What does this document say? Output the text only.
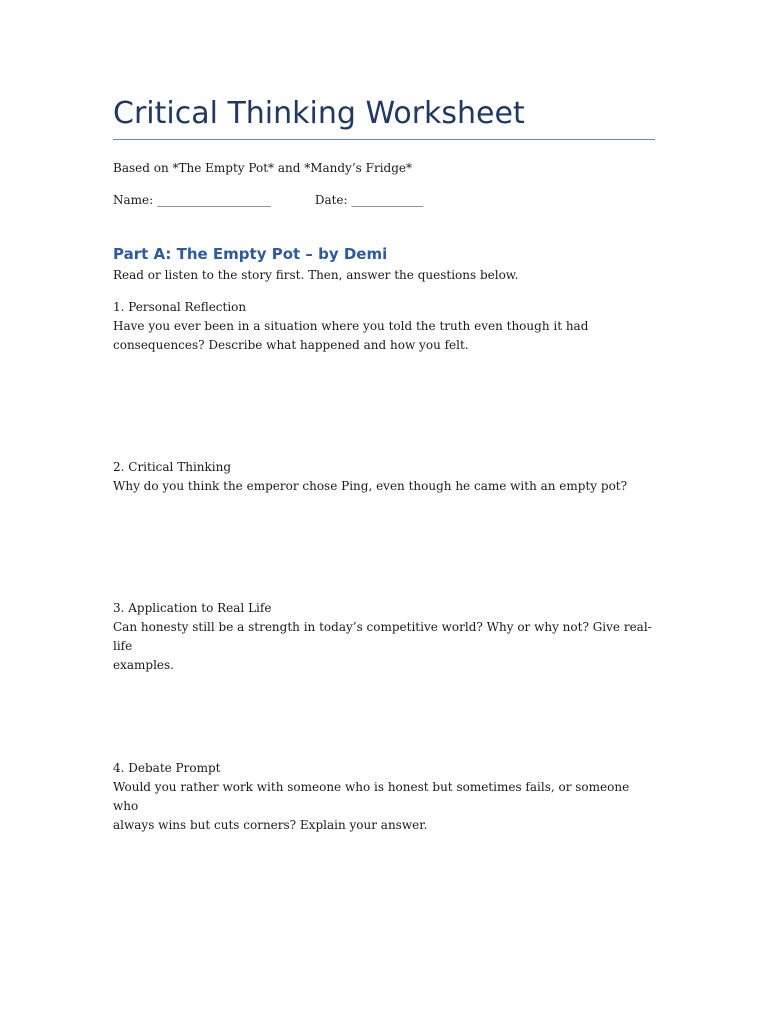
Critical Thinking Worksheet

Based on *The Empty Pot* and *Mandy’s Fridge*

Name: ___________________	Date: ____________
Part A: The Empty Pot – by Demi

Read or listen to the story first. Then, answer the questions below.

1. Personal Reflection

Have you ever been in a situation where you told the truth even though it had

consequences? Describe what happened and how you felt.

2. Critical Thinking

Why do you think the emperor chose Ping, even though he came with an empty pot?

3. Application to Real Life

Can honesty still be a strength in today’s competitive world? Why or why not? Give real-life

examples.

4. Debate Prompt

Would you rather work with someone who is honest but sometimes fails, or someone who

always wins but cuts corners? Explain your answer.
